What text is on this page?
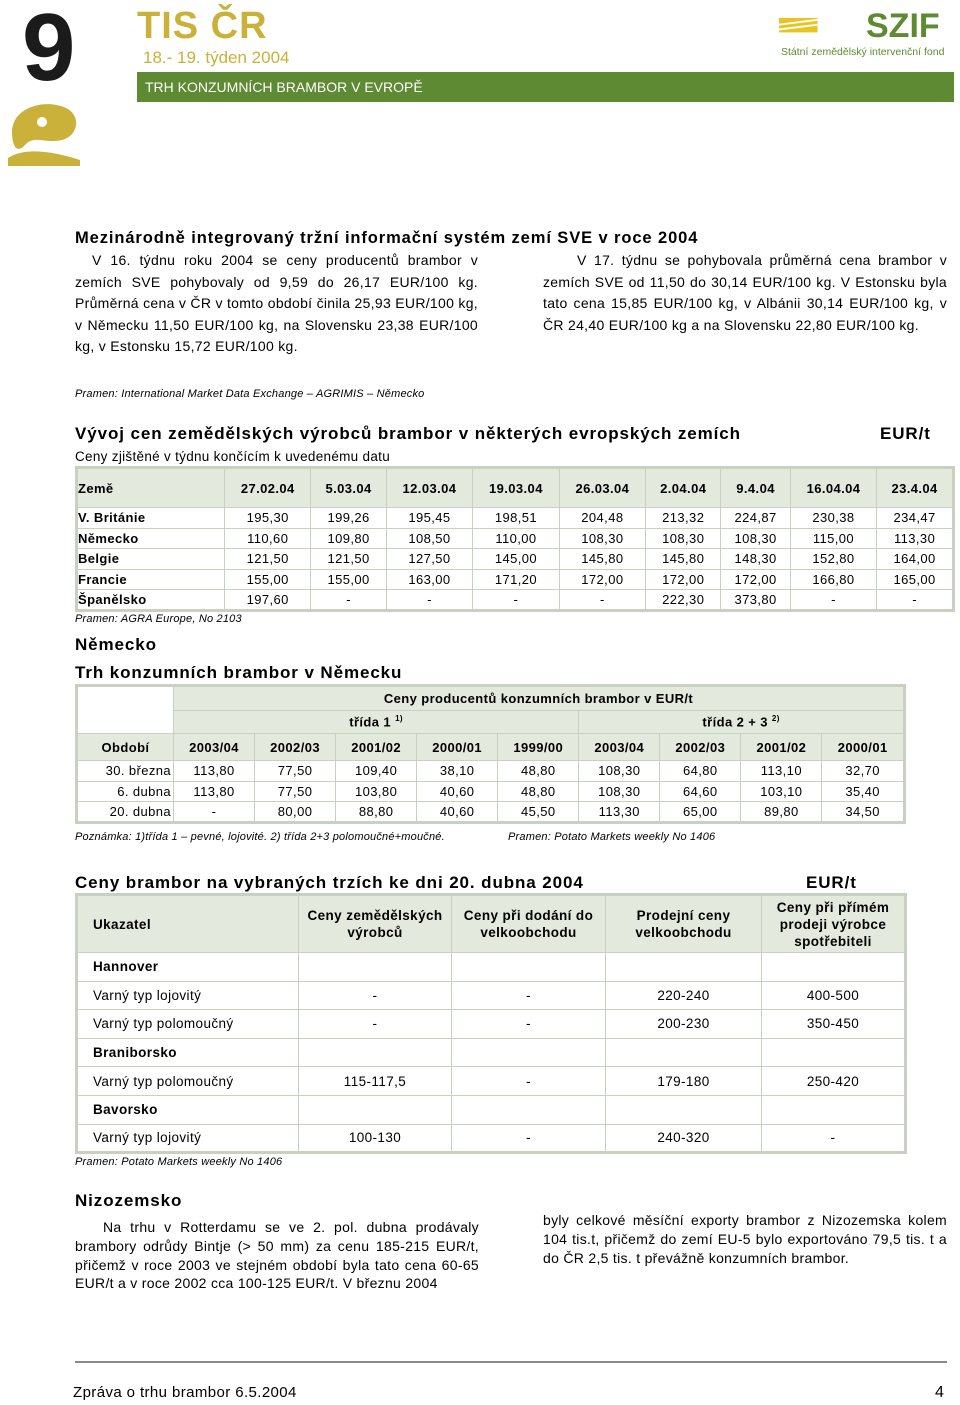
9 TIS ČR
18.- 19. týden 2004
TRH KONZUMNÍCH BRAMBOR V EVROPĚ
SZIF
Státní zemědělský intervenční fond
Mezinárodně integrovaný tržní informační systém zemí SVE v roce 2004
V 16. týdnu roku 2004 se ceny producentů brambor v zemích SVE pohybovaly od 9,59 do 26,17 EUR/100 kg. Průměrná cena v ČR v tomto období činila 25,93 EUR/100 kg, v Německu 11,50 EUR/100 kg, na Slovensku 23,38 EUR/100 kg, v Estonsku 15,72 EUR/100 kg.
V 17. týdnu se pohybovala průměrná cena brambor v zemích SVE od 11,50 do 30,14 EUR/100 kg. V Estonsku byla tato cena 15,85 EUR/100 kg, v Albánii 30,14 EUR/100 kg, v ČR 24,40 EUR/100 kg a na Slovensku 22,80 EUR/100 kg.
Pramen: International Market Data Exchange – AGRIMIS – Německo
Vývoj cen zemědělských výrobců brambor v některých evropských zemích	EUR/t
Ceny zjištěné v týdnu končícím k uvedenému datu
Země	27.02.04	5.03.04	12.03.04	19.03.04	26.03.04	2.04.04	9.4.04	16.04.04	23.4.04
V. Británie	195,30	199,26	195,45	198,51	204,48	213,32	224,87	230,38	234,47
Německo	110,60	109,80	108,50	110,00	108,30	108,30	108,30	115,00	113,30
Belgie	121,50	121,50	127,50	145,00	145,80	145,80	148,30	152,80	164,00
Francie	155,00	155,00	163,00	171,20	172,00	172,00	172,00	166,80	165,00
Španělsko	197,60	-	-	-	-	222,30	373,80	-	-
Pramen: AGRA Europe, No 2103
Německo
Trh konzumních brambor v Německu
	Ceny producentů konzumních brambor v EUR/t								
	třída 1 $^{1)}$					třída 2 + 3 $^{2)}$
Období	2003/04	2002/03	2001/02	2000/01	1999/00	2003/04	2002/03	2001/02	2000/01
30. března	113,80	77,50	109,40	38,10	48,80	108,30	64,80	113,10	32,70
6. dubna	113,80	77,50	103,80	40,60	48,80	108,30	64,60	103,10	35,40
20. dubna	-	80,00	88,80	40,60	45,50	113,30	65,00	89,80	34,50
Poznámka: 1)třída 1 – pevné, lojovité. 2) třída 2+3 polomoučné+moučné.	Pramen: Potato Markets weekly No 1406
Ceny brambor na vybraných trzích ke dni 20. dubna 2004	EUR/t
Ukazatel	Ceny zemědělských výrobců	Ceny při dodání do velkoobchodu	Prodejní ceny velkoobchodu	Ceny při přímém prodeji výrobce spotřebiteli
Hannover				
Varný typ lojovitý	-	-	220-240	400-500
Varný typ polomoučný	-	-	200-230	350-450
Braniborsko				
Varný typ polomoučný	115-117,5	-	179-180	250-420
Bavorsko				
Varný typ lojovitý	100-130	-	240-320	-
Pramen: Potato Markets weekly No 1406
Nizozemsko
Na trhu v Rotterdamu se ve 2. pol. dubna prodávaly brambory odrůdy Bintje (> 50 mm) za cenu 185-215 EUR/t, přičemž v roce 2003 ve stejném období byla tato cena 60-65 EUR/t a v roce 2002 cca 100-125 EUR/t. V březnu 2004
byly celkové měsíční exporty brambor z Nizozemska kolem 104 tis.t, přičemž do zemí EU-5 bylo exportováno 79,5 tis. t a do ČR 2,5 tis. t převážně konzumních brambor.
Zpráva o trhu brambor 6.5.2004	4
